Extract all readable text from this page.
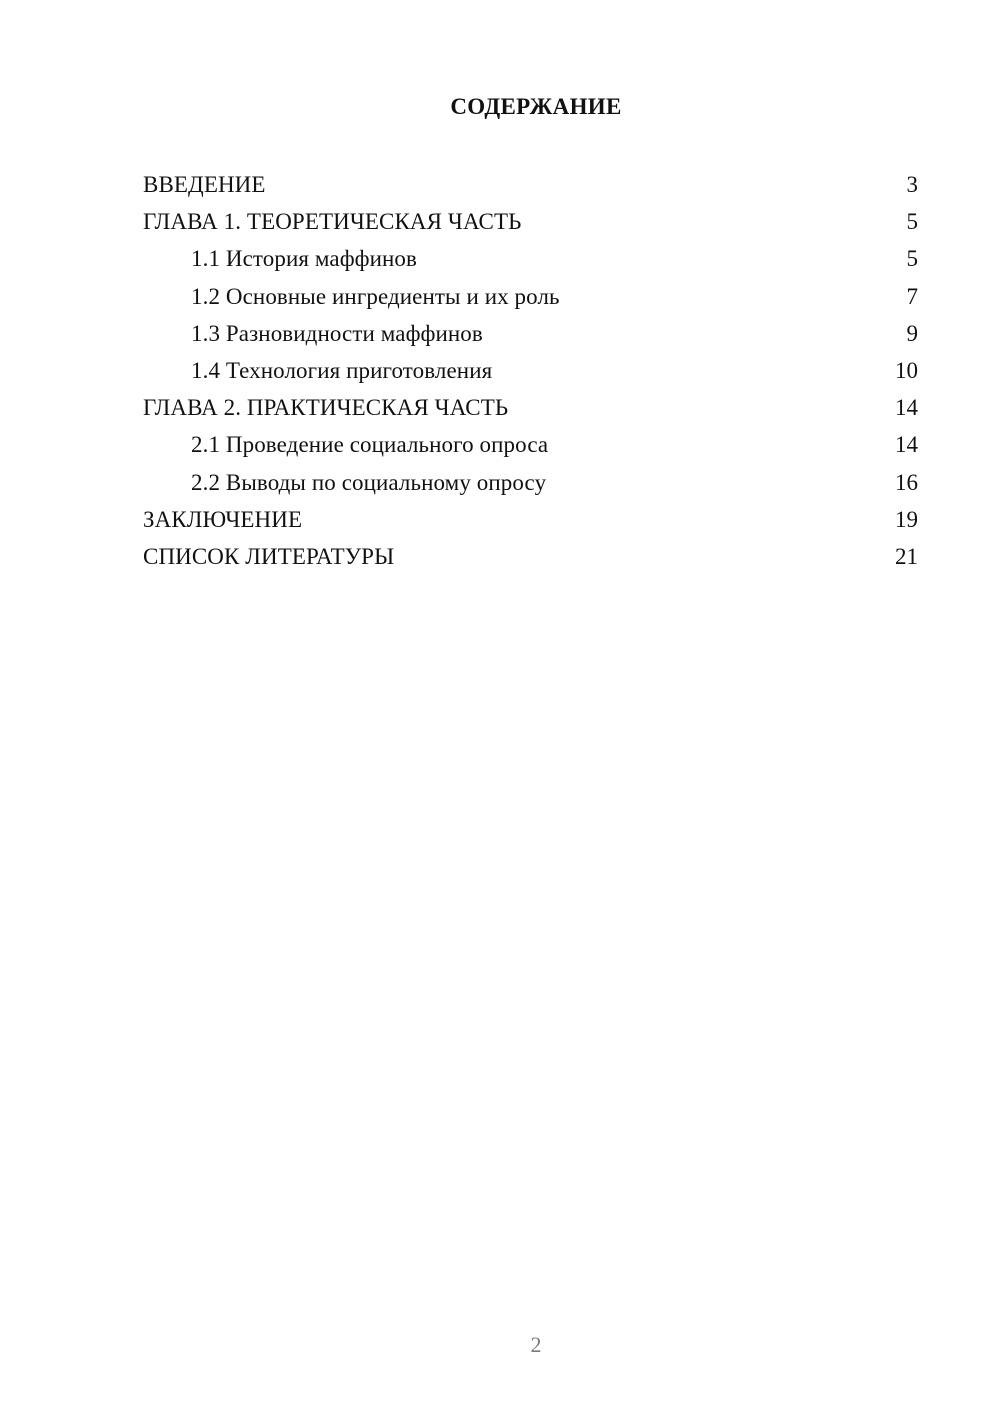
СОДЕРЖАНИЕ
ВВЕДЕНИЕ	3
ГЛАВА 1. ТЕОРЕТИЧЕСКАЯ ЧАСТЬ	5
1.1 История маффинов	5
1.2 Основные ингредиенты и их роль	7
1.3 Разновидности маффинов	9
1.4 Технология приготовления	10
ГЛАВА 2. ПРАКТИЧЕСКАЯ ЧАСТЬ	14
2.1 Проведение социального опроса	14
2.2 Выводы по социальному опросу	16
ЗАКЛЮЧЕНИЕ	19
СПИСОК ЛИТЕРАТУРЫ	21
2
